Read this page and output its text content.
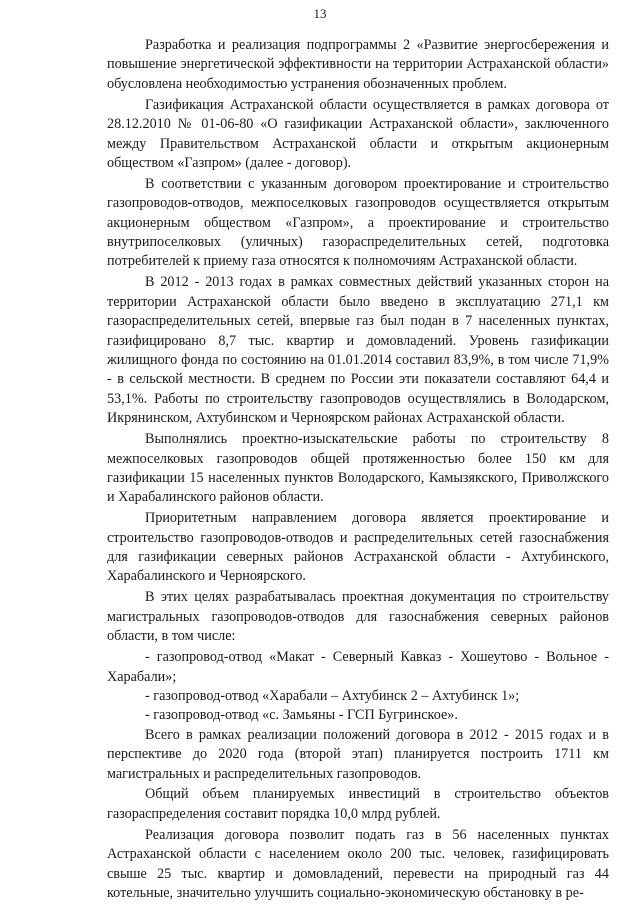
13

Разработка и реализация подпрограммы 2 «Развитие энергосбережения и повышение энергетической эффективности на территории Астраханской области» обусловлена необходимостью устранения обозначенных проблем.

Газификация Астраханской области осуществляется в рамках договора от 28.12.2010 № 01-06-80 «О газификации Астраханской области», заключенного между Правительством Астраханской области и открытым акционерным обществом «Газпром» (далее - договор).

В соответствии с указанным договором проектирование и строительство газопроводов-отводов, межпоселковых газопроводов осуществляется открытым акционерным обществом «Газпром», а проектирование и строительство внутрипоселковых (уличных) газораспределительных сетей, подготовка потребителей к приему газа относятся к полномочиям Астраханской области.

В 2012 - 2013 годах в рамках совместных действий указанных сторон на территории Астраханской области было введено в эксплуатацию 271,1 км газораспределительных сетей, впервые газ был подан в 7 населенных пунктах, газифицировано 8,7 тыс. квартир и домовладений. Уровень газификации жилищного фонда по состоянию на 01.01.2014 составил 83,9%, в том числе 71,9% - в сельской местности. В среднем по России эти показатели составляют 64,4 и 53,1%. Работы по строительству газопроводов осуществлялись в Володарском, Икрянинском, Ахтубинском и Черноярском районах Астраханской области.

Выполнялись проектно-изыскательские работы по строительству 8 межпоселковых газопроводов общей протяженностью более 150 км для газификации 15 населенных пунктов Володарского, Камызякского, Приволжского и Харабалинского районов области.

Приоритетным направлением договора является проектирование и строительство газопроводов-отводов и распределительных сетей газоснабжения для газификации северных районов Астраханской области - Ахтубинского, Харабалинского и Черноярского.

В этих целях разрабатывалась проектная документация по строительству магистральных газопроводов-отводов для газоснабжения северных районов области, в том числе:

- газопровод-отвод «Макат - Северный Кавказ - Хошеутово - Вольное - Харабали»;

- газопровод-отвод «Харабали – Ахтубинск 2 – Ахтубинск 1»;

- газопровод-отвод «с. Замьяны - ГСП Бугринское».

Всего в рамках реализации положений договора в 2012 - 2015 годах и в перспективе до 2020 года (второй этап) планируется построить 1711 км магистральных и распределительных газопроводов.

Общий объем планируемых инвестиций в строительство объектов газораспределения составит порядка 10,0 млрд рублей.

Реализация договора позволит подать газ в 56 населенных пунктах Астраханской области с населением около 200 тыс. человек, газифицировать свыше 25 тыс. квартир и домовладений, перевести на природный газ 44 котельные, значительно улучшить социально-экономическую обстановку в ре-
